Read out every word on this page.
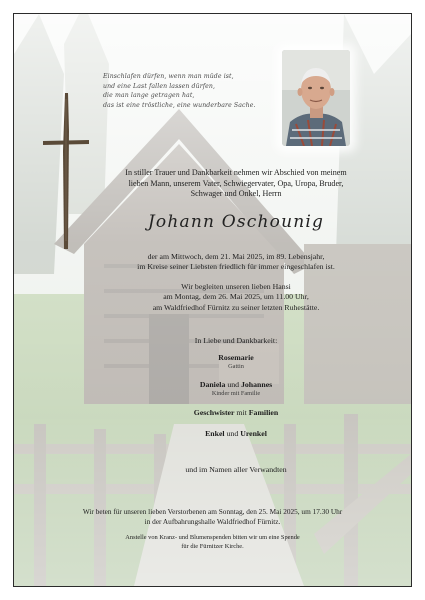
Einschlafen dürfen, wenn man müde ist,
und eine Last fallen lassen dürfen,
die man lange getragen hat,
das ist eine tröstliche, eine wunderbare Sache.
In stiller Trauer und Dankbarkeit nehmen wir Abschied von meinem
lieben Mann, unserem Vater, Schwiegervater, Opa, Uropa, Bruder,
Schwager und Onkel, Herrn
Johann Oschounig
der am Mittwoch, dem 21. Mai 2025, im 89. Lebensjahr,
im Kreise seiner Liebsten friedlich für immer eingeschlafen ist.
Wir begleiten unseren lieben Hansi
am Montag, dem 26. Mai 2025, um 11.00 Uhr,
am Waldfriedhof Fürnitz zu seiner letzten Ruhestätte.
In Liebe und Dankbarkeit:
Rosemarie
Gattin
Daniela und Johannes
Kinder mit Familie
Geschwister mit Familien
Enkel und Urenkel
und im Namen aller Verwandten
Wir beten für unseren lieben Verstorbenen am Sonntag, den 25. Mai 2025, um 17.30 Uhr
in der Aufbahrungshalle Waldfriedhof Fürnitz.
Anstelle von Kranz- und Blumenspenden bitten wir um eine Spende
für die Fürnitzer Kirche.
